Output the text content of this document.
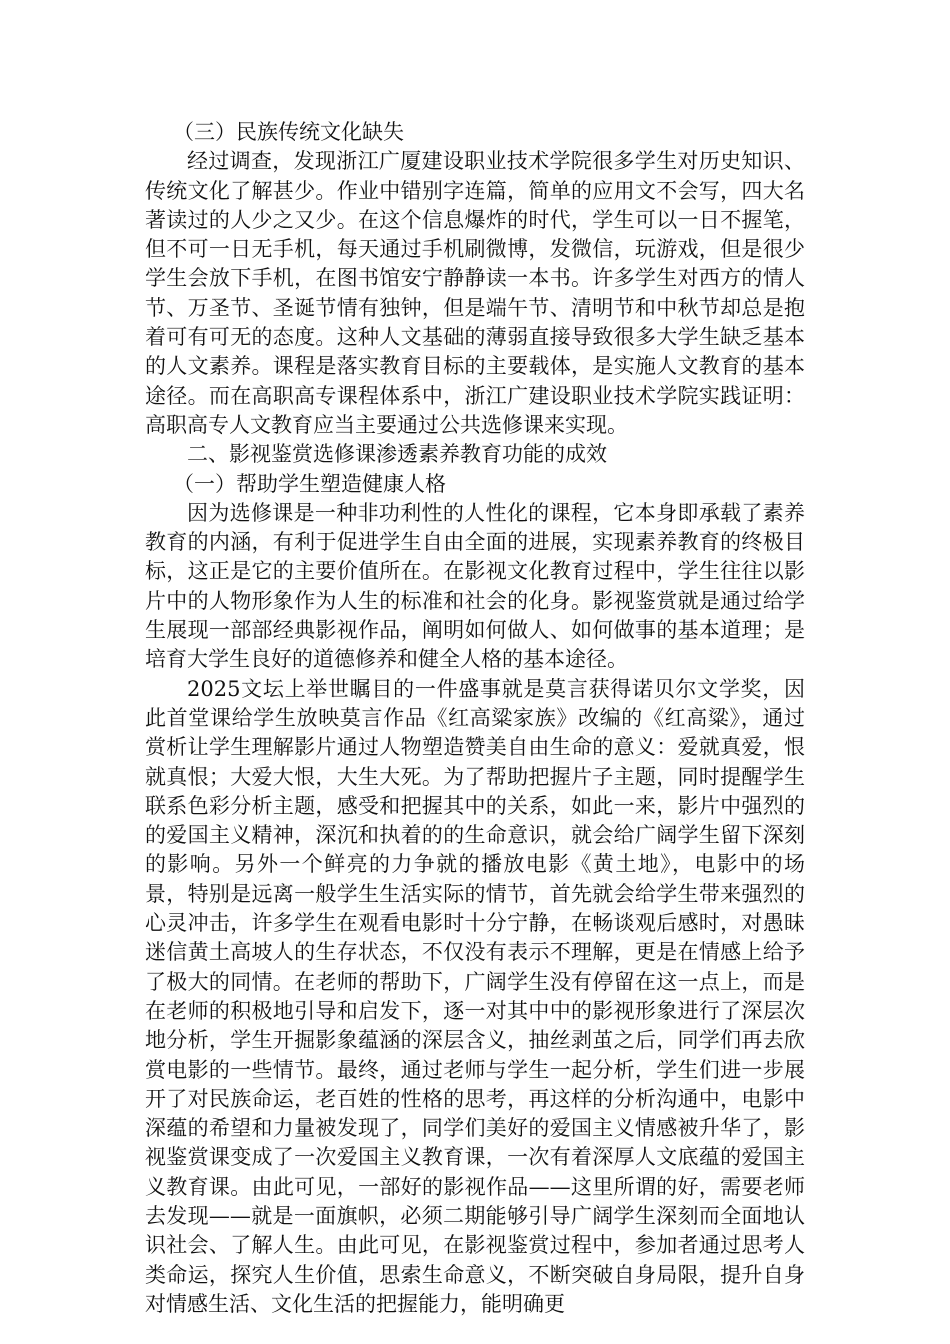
（三）民族传统文化缺失

经过调查，发现浙江广厦建设职业技术学院很多学生对历史知识、传统文化了解甚少。作业中错别字连篇，简单的应用文不会写，四大名著读过的人少之又少。在这个信息爆炸的时代，学生可以一日不握笔，但不可一日无手机，每天通过手机刷微博，发微信，玩游戏，但是很少学生会放下手机，在图书馆安宁静静读一本书。许多学生对西方的情人节、万圣节、圣诞节情有独钟，但是端午节、清明节和中秋节却总是抱着可有可无的态度。这种人文基础的薄弱直接导致很多大学生缺乏基本的人文素养。课程是落实教育目标的主要载体，是实施人文教育的基本途径。而在高职高专课程体系中，浙江广建设职业技术学院实践证明：高职高专人文教育应当主要通过公共选修课来实现。

二、影视鉴赏选修课渗透素养教育功能的成效

（一）帮助学生塑造健康人格

因为选修课是一种非功利性的人性化的课程，它本身即承载了素养教育的内涵，有利于促进学生自由全面的进展，实现素养教育的终极目标，这正是它的主要价值所在。在影视文化教育过程中，学生往往以影片中的人物形象作为人生的标准和社会的化身。影视鉴赏就是通过给学生展现一部部经典影视作品，阐明如何做人、如何做事的基本道理；是培育大学生良好的道德修养和健全人格的基本途径。

2025文坛上举世瞩目的一件盛事就是莫言获得诺贝尔文学奖，因此首堂课给学生放映莫言作品《红高粱家族》改编的《红高粱》，通过赏析让学生理解影片通过人物塑造赞美自由生命的意义：爱就真爱，恨就真恨；大爱大恨，大生大死。为了帮助把握片子主题，同时提醒学生联系色彩分析主题，感受和把握其中的关系，如此一来，影片中强烈的的爱国主义精神，深沉和执着的的生命意识，就会给广阔学生留下深刻的影响。另外一个鲜亮的力争就的播放电影《黄土地》，电影中的场景，特别是远离一般学生生活实际的情节，首先就会给学生带来强烈的心灵冲击，许多学生在观看电影时十分宁静，在畅谈观后感时，对愚昧迷信黄土高坡人的生存状态，不仅没有表示不理解，更是在情感上给予了极大的同情。在老师的帮助下，广阔学生没有停留在这一点上，而是在老师的积极地引导和启发下，逐一对其中中的影视形象进行了深层次地分析，学生开掘影象蕴涵的深层含义，抽丝剥茧之后，同学们再去欣赏电影的一些情节。最终，通过老师与学生一起分析，学生们进一步展开了对民族命运，老百姓的性格的思考，再这样的分析沟通中，电影中深蕴的希望和力量被发现了，同学们美好的爱国主义情感被升华了，影视鉴赏课变成了一次爱国主义教育课，一次有着深厚人文底蕴的爱国主义教育课。由此可见，一部好的影视作品——这里所谓的好，需要老师去发现——就是一面旗帜，必须二期能够引导广阔学生深刻而全面地认识社会、了解人生。由此可见，在影视鉴赏过程中，参加者通过思考人类命运，探究人生价值，思索生命意义，不断突破自身局限，提升自身对情感生活、文化生活的把握能力，能明确更
